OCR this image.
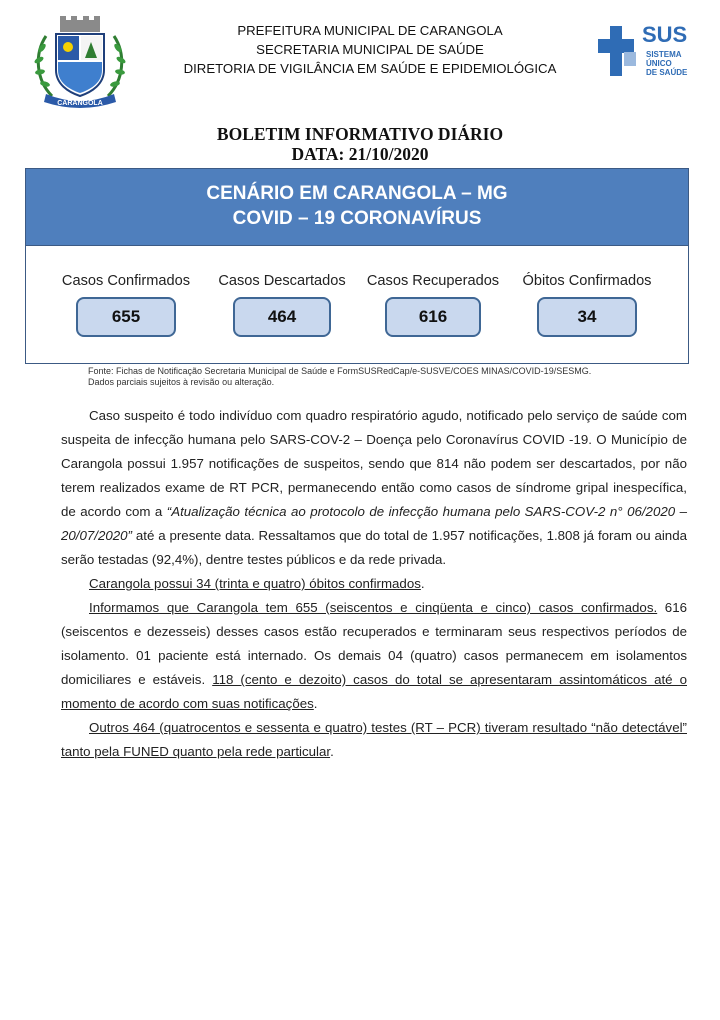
CARANGOLA
PREFEITURA MUNICIPAL DE CARANGOLA
SECRETARIA MUNICIPAL DE SAÚDE
DIRETORIA DE VIGILÂNCIA EM SAÚDE E EPIDEMIOLÓGICA
SUS
SISTEMA
ÚNICO
DE SAÚDE
BOLETIM INFORMATIVO DIÁRIO
DATA: 21/10/2020
CENÁRIO EM CARANGOLA – MG
COVID – 19 CORONAVÍRUS
Casos Confirmados
655
Casos Descartados
464
Casos Recuperados
616
Óbitos Confirmados
34
Fonte: Fichas de Notificação Secretaria Municipal de Saúde e FormSUSRedCap/e-SUSVE/COES MINAS/COVID-19/SESMG.
Dados parciais sujeitos à revisão ou alteração.

Caso suspeito é todo indivíduo com quadro respiratório agudo, notificado pelo serviço de saúde com suspeita de infecção humana pelo SARS-COV-2 – Doença pelo Coronavírus COVID -19. O Município de Carangola possui 1.957 notificações de suspeitos, sendo que 814 não podem ser descartados, por não terem realizados exame de RT PCR, permanecendo então como casos de síndrome gripal inespecífica, de acordo com a “Atualização técnica ao protocolo de infecção humana pelo SARS-COV-2 n° 06/2020 – 20/07/2020” até a presente data. Ressaltamos que do total de 1.957 notificações, 1.808 já foram ou ainda serão testadas (92,4%), dentre testes públicos e da rede privada.

Carangola possui 34 (trinta e quatro) óbitos confirmados.

Informamos que Carangola tem 655 (seiscentos e cinqüenta e cinco) casos confirmados. 616 (seiscentos e dezesseis) desses casos estão recuperados e terminaram seus respectivos períodos de isolamento. 01 paciente está internado. Os demais 04 (quatro) casos permanecem em isolamentos domiciliares e estáveis. 118 (cento e dezoito) casos do total se apresentaram assintomáticos até o momento de acordo com suas notificações.

Outros 464 (quatrocentos e sessenta e quatro) testes (RT – PCR) tiveram resultado “não detectável” tanto pela FUNED quanto pela rede particular.
